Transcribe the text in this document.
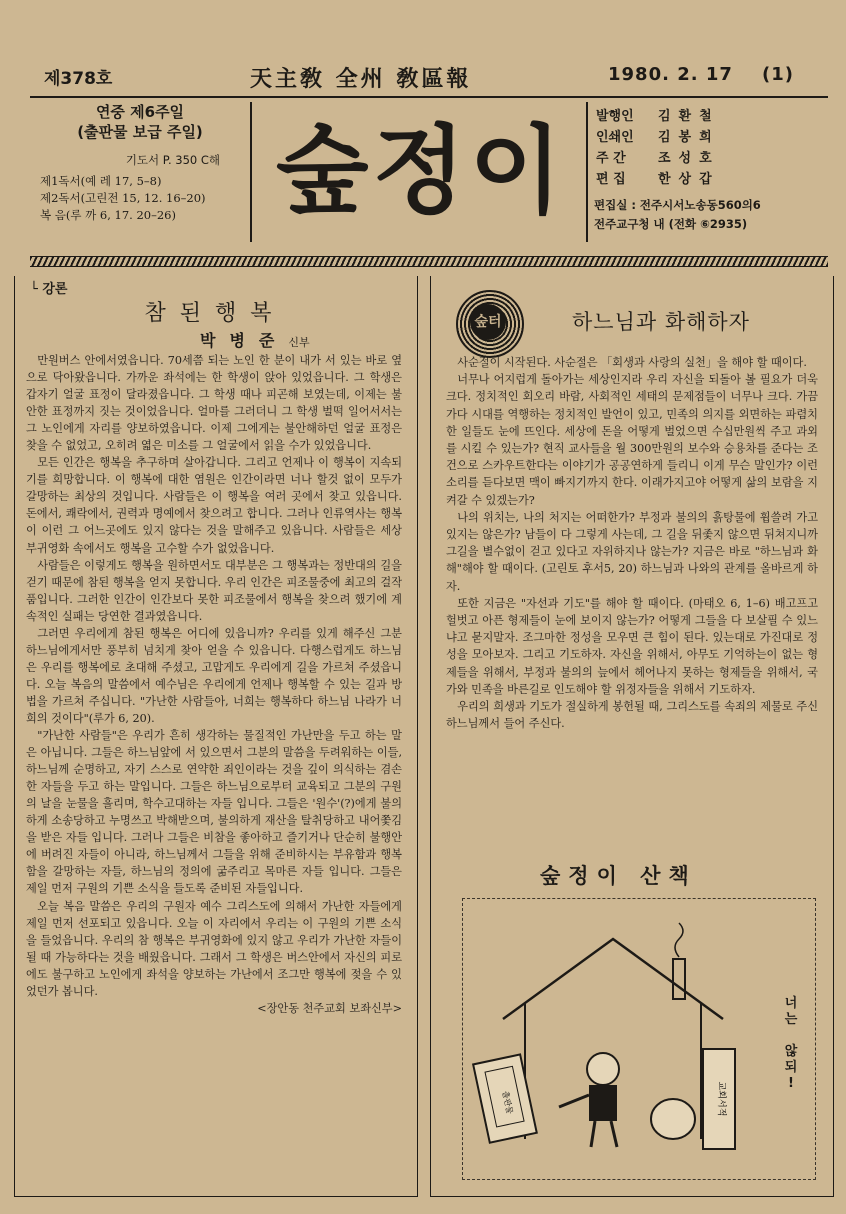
제378호	天主敎 全州 敎區報	1980. 2. 17 (1)
연중 제6주일
(출판물 보급 주일)
기도서 P. 350 C해
제1독서(예 레 17, 5–8)
제2독서(고린전 15, 12. 16–20)
복 음(루 까 6, 17. 20–26)	숲정이	발행인 김환철
인쇄인 김봉희
주 간 조성호
편 집 한상갑
편집실 : 전주시서노송동560의6
전주교구청 내 (전화 ⑥2935)
└ 강론
참된행복
박병준신부

만원버스 안에서였읍니다. 70세쯤 되는 노인 한 분이 내가 서 있는 바로 옆으로 닥아왔읍니다. 가까운 좌석에는 한 학생이 앉아 있었읍니다. 그 학생은 갑자기 얼굴 표정이 달라졌읍니다. 그 학생 때나 피곤해 보였는데, 이제는 불안한 표정까지 짓는 것이었읍니다. 얼마를 그러더니 그 학생 벌떡 일어서서는 그 노인에게 자리를 양보하였읍니다. 이제 그에게는 불안해하던 얼굴 표정은 찾을 수 없었고, 오히려 엷은 미소를 그 얼굴에서 읽을 수가 있었읍니다.

모든 인간은 행복을 추구하며 살아갑니다. 그리고 언제나 이 행복이 지속되기를 희망합니다. 이 행복에 대한 염원은 인간이라면 너나 할것 없이 모두가 갈망하는 최상의 것입니다. 사람들은 이 행복을 여러 곳에서 찾고 있읍니다. 돈에서, 쾌락에서, 권력과 명예에서 찾으려고 합니다. 그러나 인류역사는 행복이 이런 그 어느곳에도 있지 않다는 것을 말해주고 있읍니다. 사람들은 세상 부귀영화 속에서도 행복을 고수할 수가 없었읍니다.

사람들은 이렇게도 행복을 원하면서도 대부분은 그 행복과는 정반대의 길을 걷기 때문에 참된 행복을 얻지 못합니다. 우리 인간은 피조물중에 최고의 걸작품입니다. 그러한 인간이 인간보다 못한 피조물에서 행복을 찾으려 했기에 계속적인 실패는 당연한 결과였읍니다.

그러면 우리에게 참된 행복은 어디에 있읍니까? 우리를 있게 해주신 그분 하느님에게서만 풍부히 넘치게 찾아 얻을 수 있읍니다. 다행스럽게도 하느님은 우리를 행복에로 초대해 주셨고, 고맙게도 우리에게 길을 가르쳐 주셨읍니다. 오늘 복음의 말씀에서 예수님은 우리에게 언제나 행복할 수 있는 길과 방법을 가르쳐 주십니다. "가난한 사람들아, 너희는 행복하다 하느님 나라가 너희의 것이다"(루가 6, 20).

"가난한 사람들"은 우리가 흔히 생각하는 물질적인 가난만을 두고 하는 말은 아닙니다. 그들은 하느님앞에 서 있으면서 그분의 말씀을 두려워하는 이들, 하느님께 순명하고, 자기 스스로 연약한 죄인이라는 것을 깊이 의식하는 겸손한 자들을 두고 하는 말입니다. 그들은 하느님으로부터 교육되고 그분의 구원의 날을 눈물을 흘리며, 학수고대하는 자들 입니다. 그들은 '원수'(?)에게 불의하게 소송당하고 누명쓰고 박해받으며, 불의하게 재산을 탈취당하고 내어쫓김을 받은 자들 입니다. 그러나 그들은 비참을 좋아하고 즐기거나 단순히 불행안에 버려진 자들이 아니라, 하느님께서 그들을 위해 준비하시는 부유함과 행복함을 갈망하는 자들, 하느님의 정의에 굶주리고 목마른 자들 입니다. 그들은 제일 먼저 구원의 기쁜 소식을 들도록 준비된 자들입니다.

오늘 복음 말씀은 우리의 구원자 예수 그리스도에 의해서 가난한 자들에게 제일 먼저 선포되고 있읍니다. 오늘 이 자리에서 우리는 이 구원의 기쁜 소식을 들었읍니다. 우리의 참 행복은 부귀영화에 있지 않고 우리가 가난한 자들이 될 때 가능하다는 것을 배웠읍니다. 그래서 그 학생은 버스안에서 자신의 피로에도 불구하고 노인에게 좌석을 양보하는 가난에서 조그만 행복에 젖을 수 있었던가 봅니다.

<장안동 천주교회 보좌신부>

숲터	하느님과 화해하자

사순절이 시작된다. 사순절은 「회생과 사랑의 실천」을 해야 할 때이다.

너무나 어지럽게 돌아가는 세상인지라 우리 자신을 되돌아 볼 필요가 더욱 크다. 정치적인 회오리 바람, 사회적인 세태의 문제점들이 너무나 크다. 가끔가다 시대를 역행하는 정치적인 발언이 있고, 민족의 의지를 외면하는 파렴치한 일들도 눈에 뜨인다. 세상에 돈을 어떻게 벌었으면 수십만원씩 주고 과외를 시킬 수 있는가? 현직 교사들을 월 300만원의 보수와 승용차를 준다는 조건으로 스카우트한다는 이야기가 공공연하게 들리니 이게 무슨 말인가? 이런 소리를 듣다보면 맥이 빠지기까지 한다. 이래가지고야 어떻게 삶의 보람을 지켜갈 수 있겠는가?

나의 위치는, 나의 처지는 어떠한가? 부정과 불의의 흙탕물에 휩쓸려 가고 있지는 않은가? 남들이 다 그렇게 사는데, 그 길을 뒤좇지 않으면 뒤쳐지니까 그길을 별수없이 걷고 있다고 자위하지나 않는가? 지금은 바로 "하느님과 화해"해야 할 때이다. (고린토 후서5, 20) 하느님과 나와의 관계를 올바르게 하자.

또한 지금은 "자선과 기도"를 해야 할 때이다. (마태오 6, 1–6) 배고프고 헐벗고 아픈 형제들이 눈에 보이지 않는가? 어떻게 그들을 다 보살필 수 있느냐고 묻지말자. 조그마한 정성을 모우면 큰 힘이 된다. 있는대로 가진대로 정성을 모아보자. 그리고 기도하자. 자신을 위해서, 아무도 기억하는이 없는 형제들을 위해서, 부정과 불의의 늪에서 헤어나지 못하는 형제들을 위해서, 국가와 민족을 바른길로 인도해야 할 위정자들을 위해서 기도하자.

우리의 희생과 기도가 절실하게 봉헌될 때, 그리스도를 속죄의 제물로 주신 하느님께서 들어 주신다.

숲정이 산책
교회서적
출판물
너
는

않
되
!
